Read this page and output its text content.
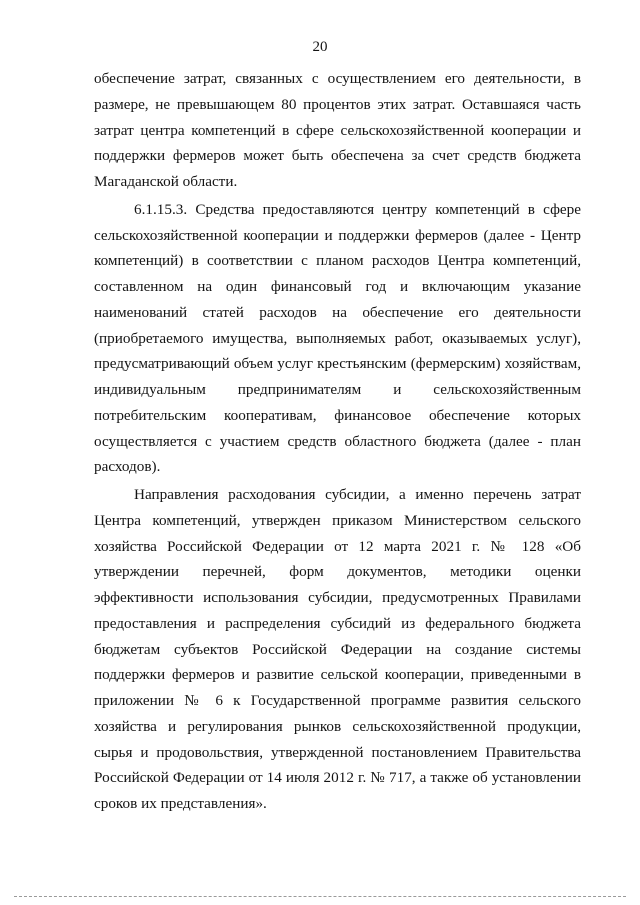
20

обеспечение затрат, связанных с осуществлением его деятельности, в размере, не превышающем 80 процентов этих затрат. Оставшаяся часть затрат центра компетенций в сфере сельскохозяйственной кооперации и поддержки фермеров может быть обеспечена за счет средств бюджета Магаданской области.

6.1.15.3. Средства предоставляются центру компетенций в сфере сельскохозяйственной кооперации и поддержки фермеров (далее - Центр компетенций) в соответствии с планом расходов Центра компетенций, составленном на один финансовый год и включающим указание наименований статей расходов на обеспечение его деятельности (приобретаемого имущества, выполняемых работ, оказываемых услуг), предусматривающий объем услуг крестьянским (фермерским) хозяйствам, индивидуальным предпринимателям и сельскохозяйственным потребительским кооперативам, финансовое обеспечение которых осуществляется с участием средств областного бюджета (далее - план расходов).

Направления расходования субсидии, а именно перечень затрат Центра компетенций, утвержден приказом Министерством сельского хозяйства Российской Федерации от 12 марта 2021 г. № 128 «Об утверждении перечней, форм документов, методики оценки эффективности использования субсидии, предусмотренных Правилами предоставления и распределения субсидий из федерального бюджета бюджетам субъектов Российской Федерации на создание системы поддержки фермеров и развитие сельской кооперации, приведенными в приложении № 6 к Государственной программе развития сельского хозяйства и регулирования рынков сельскохозяйственной продукции, сырья и продовольствия, утвержденной постановлением Правительства Российской Федерации от 14 июля 2012 г. № 717, а также об установлении сроков их представления».
